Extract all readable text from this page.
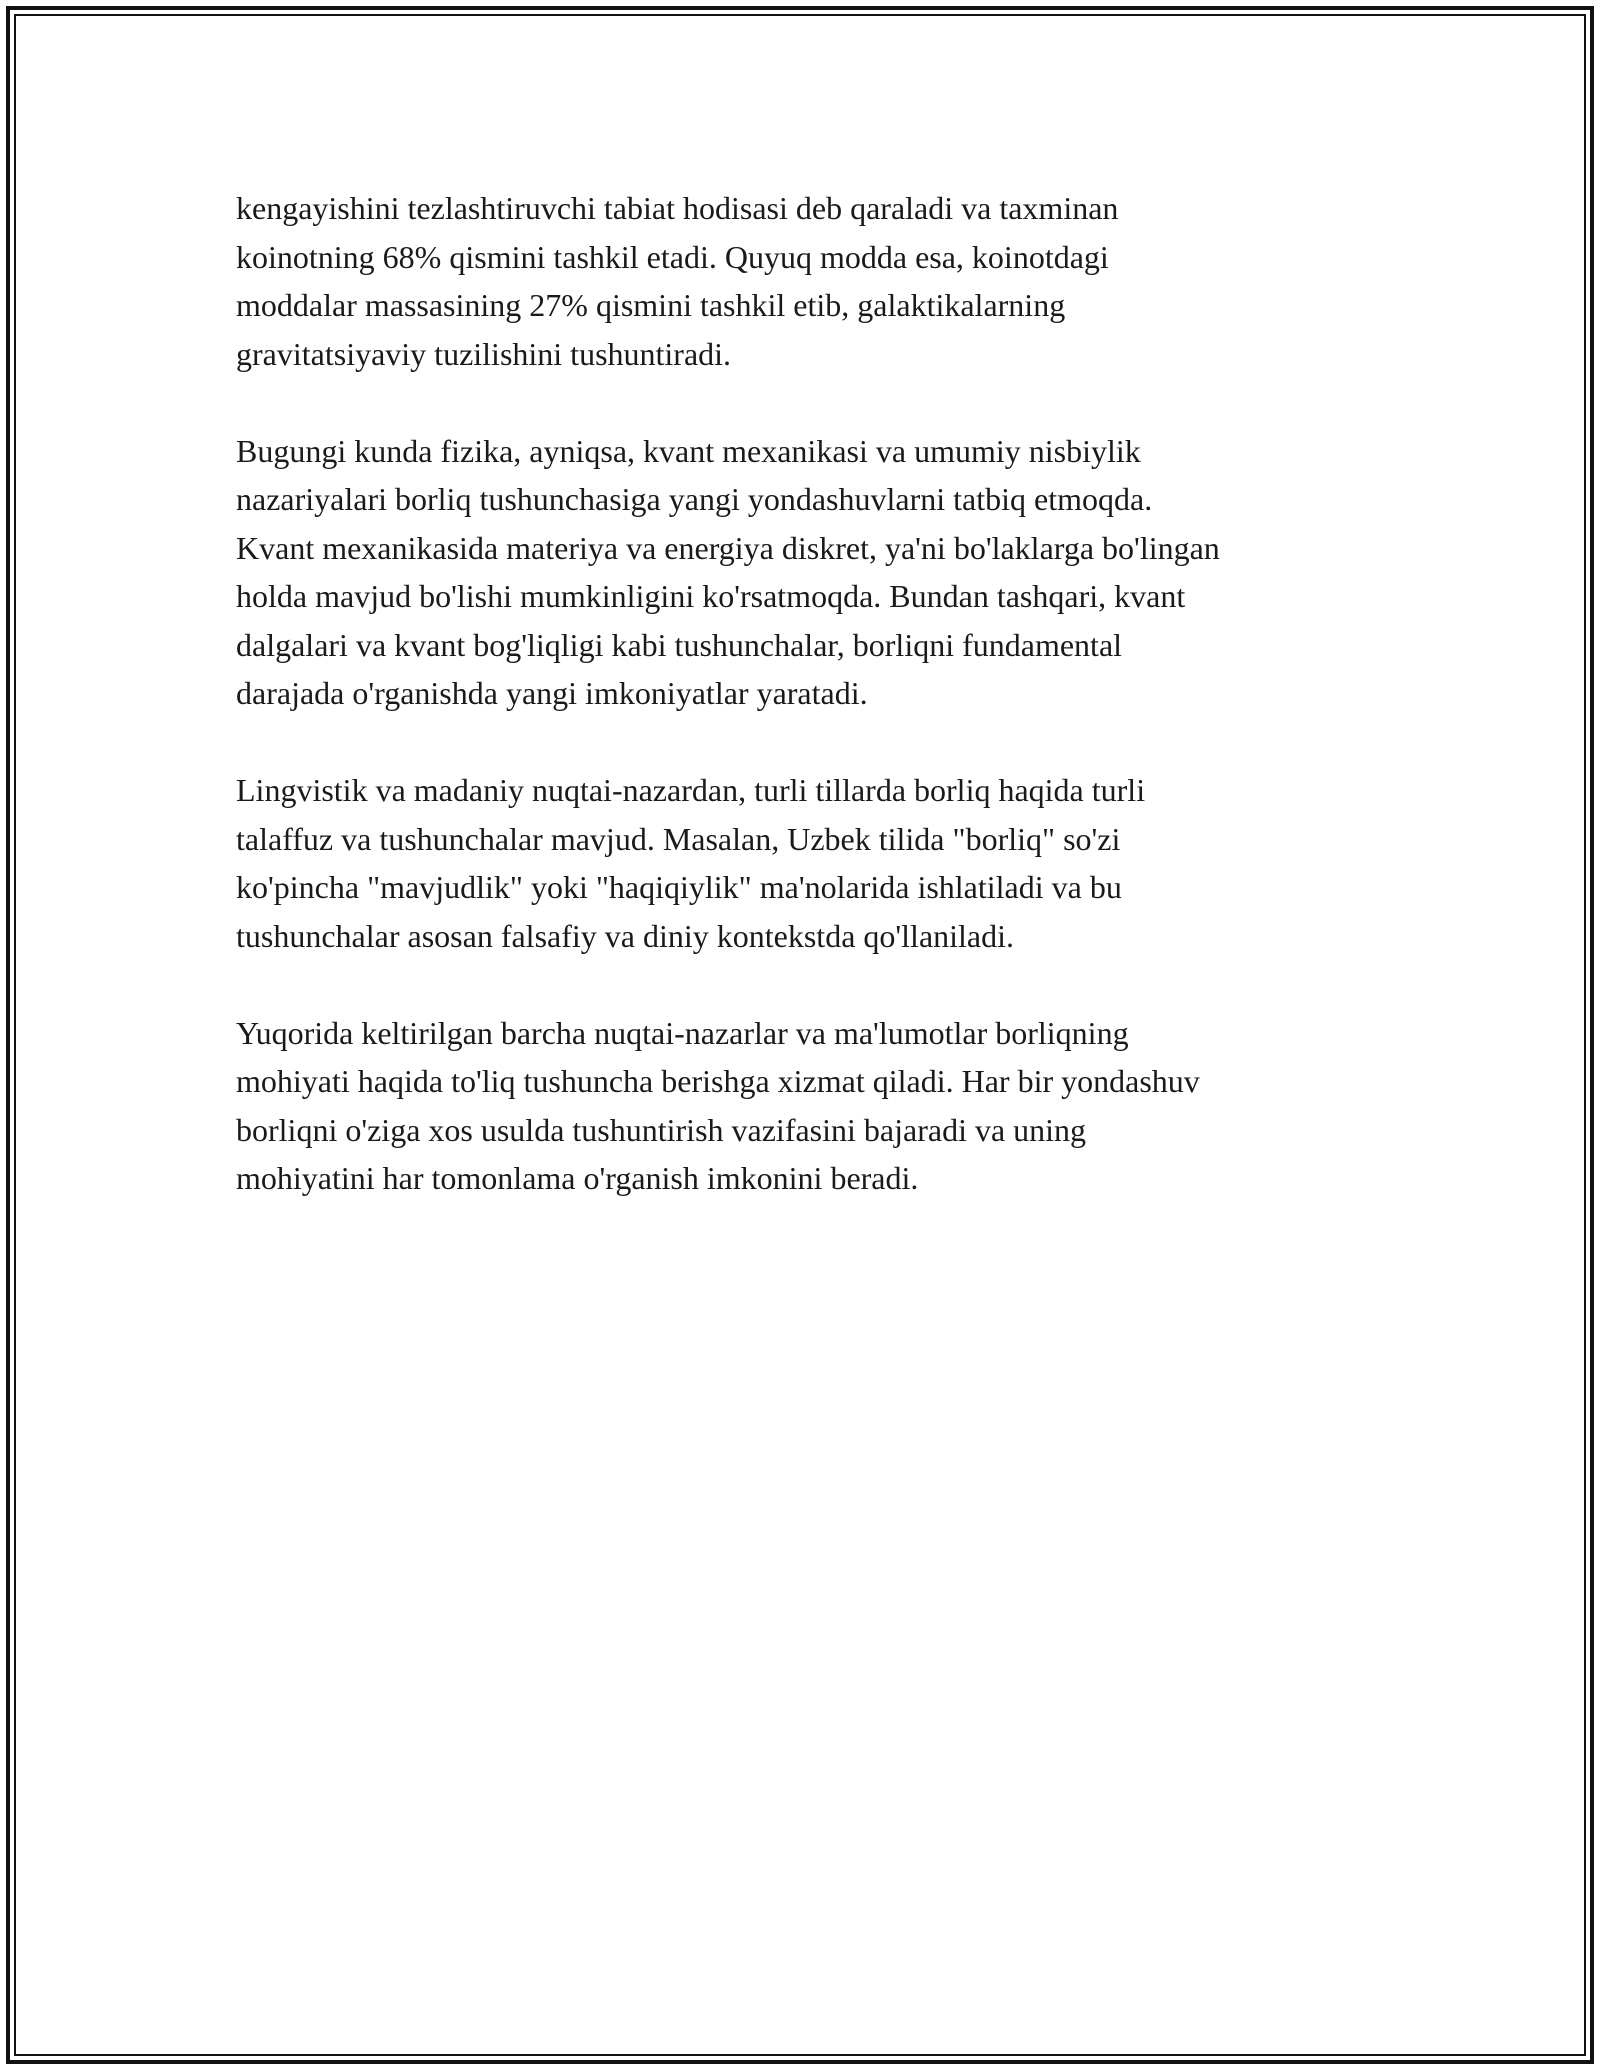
kengayishini tezlashtiruvchi tabiat hodisasi deb qaraladi va taxminan
koinotning 68% qismini tashkil etadi. Quyuq modda esa, koinotdagi
moddalar massasining 27% qismini tashkil etib, galaktikalarning
gravitatsiyaviy tuzilishini tushuntiradi.

Bugungi kunda fizika, ayniqsa, kvant mexanikasi va umumiy nisbiylik
nazariyalari borliq tushunchasiga yangi yondashuvlarni tatbiq etmoqda.
Kvant mexanikasida materiya va energiya diskret, ya'ni bo'laklarga bo'lingan
holda mavjud bo'lishi mumkinligini ko'rsatmoqda. Bundan tashqari, kvant
dalgalari va kvant bog'liqligi kabi tushunchalar, borliqni fundamental
darajada o'rganishda yangi imkoniyatlar yaratadi.

Lingvistik va madaniy nuqtai-nazardan, turli tillarda borliq haqida turli
talaffuz va tushunchalar mavjud. Masalan, Uzbek tilida "borliq" so'zi
ko'pincha "mavjudlik" yoki "haqiqiylik" ma'nolarida ishlatiladi va bu
tushunchalar asosan falsafiy va diniy kontekstda qo'llaniladi.

Yuqorida keltirilgan barcha nuqtai-nazarlar va ma'lumotlar borliqning
mohiyati haqida to'liq tushuncha berishga xizmat qiladi. Har bir yondashuv
borliqni o'ziga xos usulda tushuntirish vazifasini bajaradi va uning
mohiyatini har tomonlama o'rganish imkonini beradi.
